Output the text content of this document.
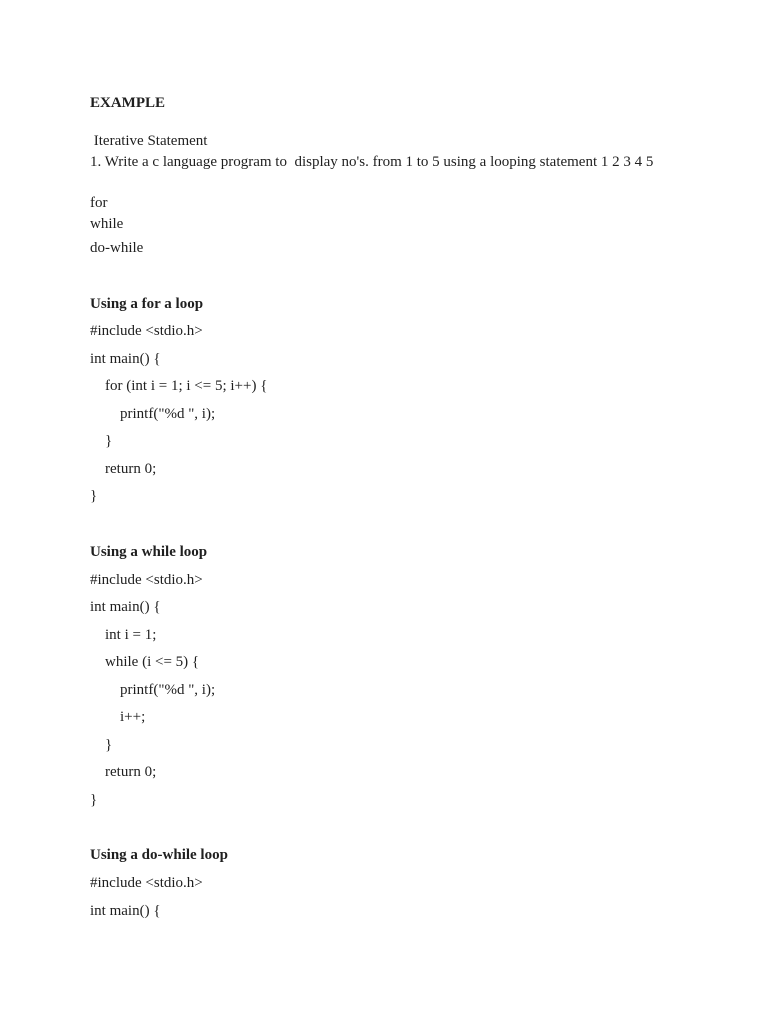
EXAMPLE

Iterative Statement

1. Write a c language program to  display no's. from 1 to 5 using a looping statement 1 2 3 4 5

for

while

do-while

Using a for a loop

#include <stdio.h>

int main() {

for (int i = 1; i <= 5; i++) {

printf("%d ", i);

}

return 0;

}

Using a while loop

#include <stdio.h>

int main() {

int i = 1;

while (i <= 5) {

printf("%d ", i);

i++;

}

return 0;

}

Using a do-while loop

#include <stdio.h>

int main() {
